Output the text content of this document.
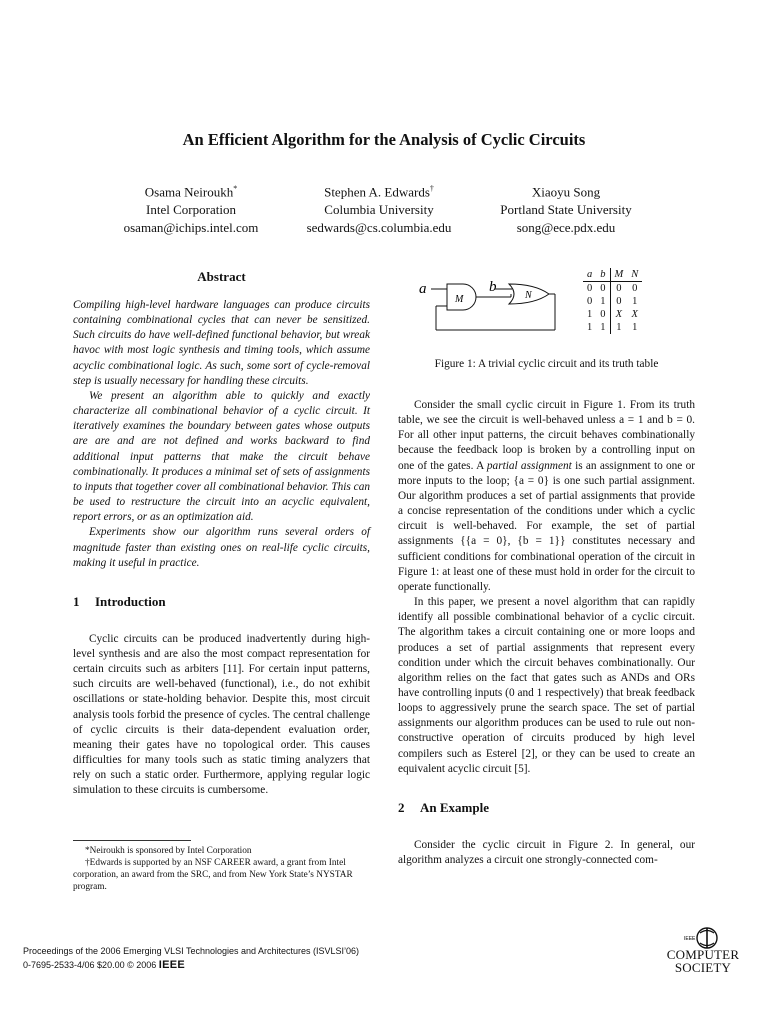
An Efficient Algorithm for the Analysis of Cyclic Circuits
Osama Neiroukh*
Intel Corporation
osaman@ichips.intel.com
Stephen A. Edwards†
Columbia University
sedwards@cs.columbia.edu
Xiaoyu Song
Portland State University
song@ece.pdx.edu
Abstract

Compiling high-level hardware languages can produce circuits containing combinational cycles that can never be sensitized. Such circuits do have well-defined functional behavior, but wreak havoc with most logic synthesis and timing tools, which assume acyclic combinational logic. As such, some sort of cycle-removal step is usually necessary for handling these circuits.

We present an algorithm able to quickly and exactly characterize all combinational behavior of a cyclic circuit. It iteratively examines the boundary between gates whose outputs are are and are not defined and works backward to find additional input patterns that make the circuit behave combinationally. It produces a minimal set of sets of assignments to inputs that together cover all combinational behavior. This can be used to restructure the circuit into an acyclic equivalent, report errors, or as an optimization aid.

Experiments show our algorithm runs several orders of magnitude faster than existing ones on real-life cyclic circuits, making it useful in practice.

1 Introduction

Cyclic circuits can be produced inadvertently during high-level synthesis and are also the most compact representation for certain circuits such as arbiters [11]. For certain input patterns, such circuits are well-behaved (functional), i.e., do not exhibit oscillations or state-holding behavior. Despite this, most circuit analysis tools forbid the presence of cycles. The central challenge of cyclic circuits is their data-dependent evaluation order, meaning their gates have no topological order. This causes difficulties for many tools such as static timing analyzers that rely on such a static order. Furthermore, applying regular logic simulation to these circuits is cumbersome.

*Neiroukh is sponsored by Intel Corporation

†Edwards is supported by an NSF CAREER award, a grant from Intel corporation, an award from the SRC, and from New York State’s NYSTAR program.

a
M
b
N
a	b	M	N
0	0	0	0
0	1	0	1
1	0	X	X
1	1	1	1
Figure 1: A trivial cyclic circuit and its truth table

Consider the small cyclic circuit in Figure 1. From its truth table, we see the circuit is well-behaved unless a = 1 and b = 0. For all other input patterns, the circuit behaves combinationally because the feedback loop is broken by a controlling input on one of the gates. A partial assignment is an assignment to one or more inputs to the loop; {a = 0} is one such partial assignment. Our algorithm produces a set of partial assignments that provide a concise representation of the conditions under which a cyclic circuit is well-behaved. For example, the set of partial assignments {{a = 0}, {b = 1}} constitutes necessary and sufficient conditions for combinational operation of the circuit in Figure 1: at least one of these must hold in order for the circuit to operate functionally.

In this paper, we present a novel algorithm that can rapidly identify all possible combinational behavior of a cyclic circuit. The algorithm takes a circuit containing one or more loops and produces a set of partial assignments that represent every condition under which the circuit behaves combinationally. Our algorithm relies on the fact that gates such as ANDs and ORs have controlling inputs (0 and 1 respectively) that break feedback loops to aggressively prune the search space. The set of partial assignments our algorithm produces can be used to rule out non-constructive operation of circuits produced by high level compilers such as Esterel [2], or they can be used to create an equivalent acyclic circuit [5].

2 An Example

Consider the cyclic circuit in Figure 2. In general, our algorithm analyzes a circuit one strongly-connected com-

Proceedings of the 2006 Emerging VLSI Technologies and Architectures (ISVLSI’06)
0-7695-2533-4/06 $20.00 © 2006 IEEE
IEEE
COMPUTER
SOCIETY
